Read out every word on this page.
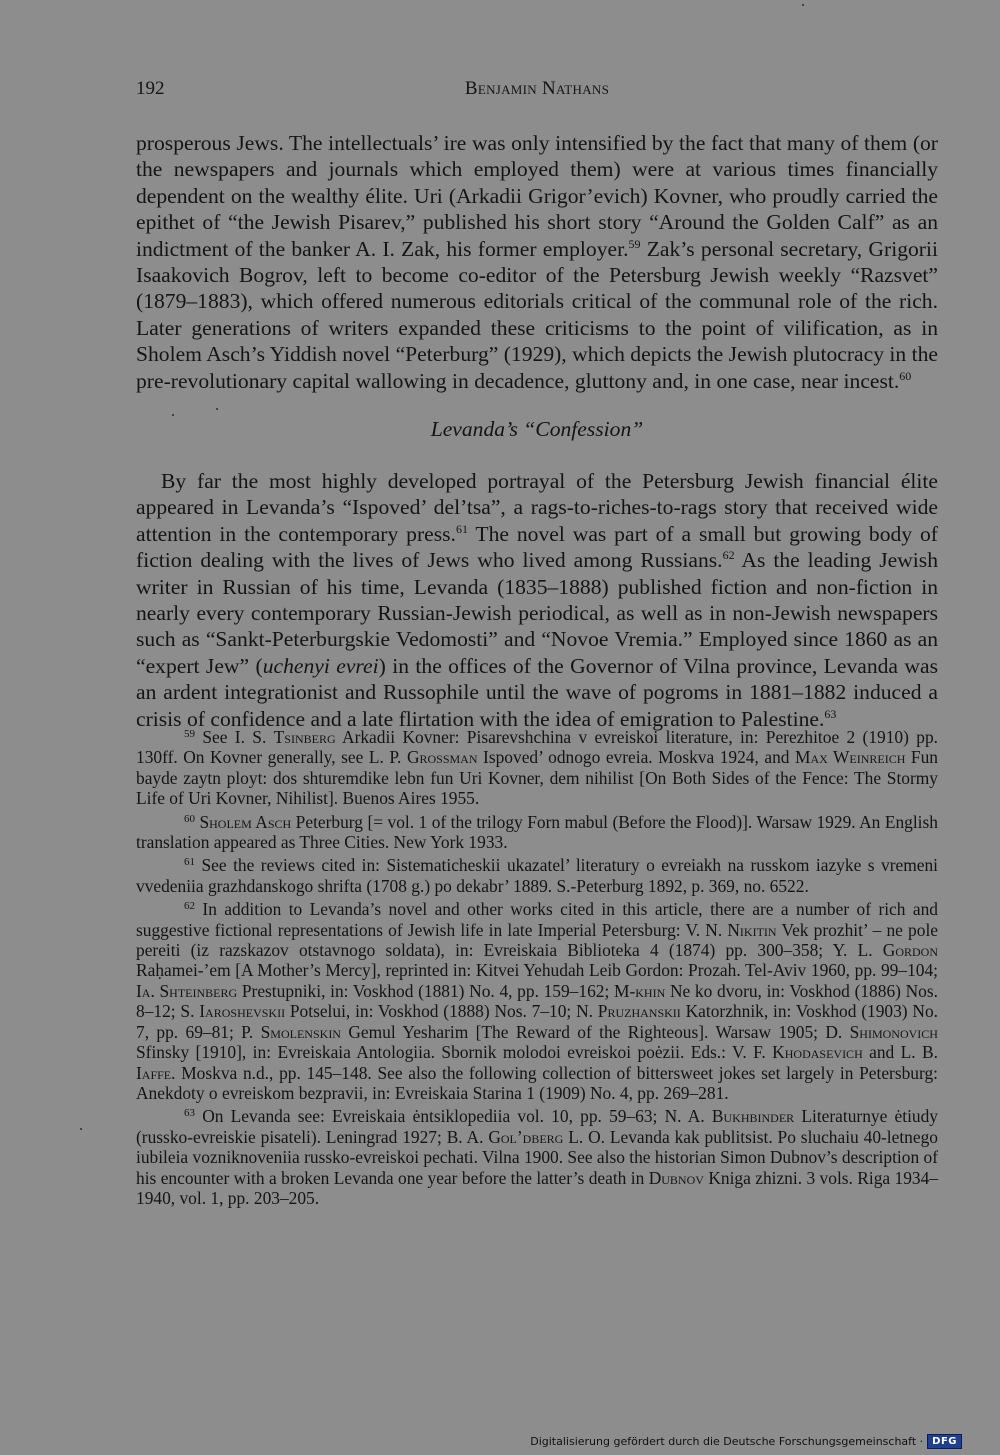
192	Benjamin Nathans

prosperous Jews. The intellectuals’ ire was only intensified by the fact that many of them (or the newspapers and journals which employed them) were at various times financially dependent on the wealthy élite. Uri (Arkadii Grigor’evich) Kovner, who proudly carried the epithet of “the Jewish Pisarev,” published his short story “Around the Golden Calf” as an indictment of the banker A. I. Zak, his former employer.$^{59}$ Zak’s personal secretary, Grigorii Isaakovich Bogrov, left to become co-editor of the Petersburg Jewish weekly “Razsvet” (1879–1883), which offered numerous editorials critical of the communal role of the rich. Later generations of writers expanded these criticisms to the point of vilification, as in Sholem Asch’s Yiddish novel “Peterburg” (1929), which depicts the Jewish plutocracy in the pre-revolutionary capital wallowing in decadence, gluttony and, in one case, near incest.$^{60}$

Levanda’s “Confession”

By far the most highly developed portrayal of the Petersburg Jewish financial élite appeared in Levanda’s “Ispoved’ del’tsa”, a rags-to-riches-to-rags story that received wide attention in the contemporary press.$^{61}$ The novel was part of a small but growing body of fiction dealing with the lives of Jews who lived among Russians.$^{62}$ As the leading Jewish writer in Russian of his time, Levanda (1835–1888) published fiction and non-fiction in nearly every contemporary Russian-Jewish periodical, as well as in non-Jewish newspapers such as “Sankt-Peterburgskie Vedomosti” and “Novoe Vremia.” Employed since 1860 as an “expert Jew” (uchenyi evrei) in the offices of the Governor of Vilna province, Levanda was an ardent integrationist and Russophile until the wave of pogroms in 1881–1882 induced a crisis of confidence and a late flirtation with the idea of emigration to Palestine.$^{63}$

$^{59}$ See I. S. Tsinberg Arkadii Kovner: Pisarevshchina v evreiskoi literature, in: Perezhitoe 2 (1910) pp. 130ff. On Kovner generally, see L. P. Grossman Ispoved’ odnogo evreia. Moskva 1924, and Max Weinreich Fun bayde zaytn ployt: dos shturemdike lebn fun Uri Kovner, dem nihilist [On Both Sides of the Fence: The Stormy Life of Uri Kovner, Nihilist]. Buenos Aires 1955.

$^{60}$ Sholem Asch Peterburg [= vol. 1 of the trilogy Forn mabul (Before the Flood)]. Warsaw 1929. An English translation appeared as Three Cities. New York 1933.

$^{61}$ See the reviews cited in: Sistematicheskii ukazatel’ literatury o evreiakh na russkom iazyke s vremeni vvedeniia grazhdanskogo shrifta (1708 g.) po dekabr’ 1889. S.-Peterburg 1892, p. 369, no. 6522.

$^{62}$ In addition to Levanda’s novel and other works cited in this article, there are a number of rich and suggestive fictional representations of Jewish life in late Imperial Petersburg: V. N. Nikitin Vek prozhit’ – ne pole pereiti (iz razskazov otstavnogo soldata), in: Evreiskaia Biblioteka 4 (1874) pp. 300–358; Y. L. Gordon Raḥamei-’em [A Mother’s Mercy], reprinted in: Kitvei Yehudah Leib Gordon: Prozah. Tel-Aviv 1960, pp. 99–104; Ia. Shteinberg Prestupniki, in: Voskhod (1881) No. 4, pp. 159–162; M-khin Ne ko dvoru, in: Voskhod (1886) Nos. 8–12; S. Iaroshevskii Potselui, in: Voskhod (1888) Nos. 7–10; N. Pruzhanskii Katorzhnik, in: Voskhod (1903) No. 7, pp. 69–81; P. Smolenskin Gemul Yesharim [The Reward of the Righteous]. Warsaw 1905; D. Shimonovich Sfinsky [1910], in: Evreiskaia Antologiia. Sbornik molodoi evreiskoi poėzii. Eds.: V. F. Khodasevich and L. B. Iaffe. Moskva n.d., pp. 145–148. See also the following collection of bittersweet jokes set largely in Petersburg: Anekdoty o evreiskom bezpravii, in: Evreiskaia Starina 1 (1909) No. 4, pp. 269–281.

$^{63}$ On Levanda see: Evreiskaia ėntsiklopediia vol. 10, pp. 59–63; N. A. Bukhbinder Literaturnye ėtiudy (russko-evreiskie pisateli). Leningrad 1927; B. A. Gol’dberg L. O. Levanda kak publitsist. Po sluchaiu 40-letnego iubileia vozniknoveniia russko-evreiskoi pechati. Vilna 1900. See also the historian Simon Dubnov’s description of his encounter with a broken Levanda one year before the latter’s death in Dubnov Kniga zhizni. 3 vols. Riga 1934–1940, vol. 1, pp. 203–205.

Digitalisierung gefördert durch die Deutsche Forschungsgemeinschaft · DFG
